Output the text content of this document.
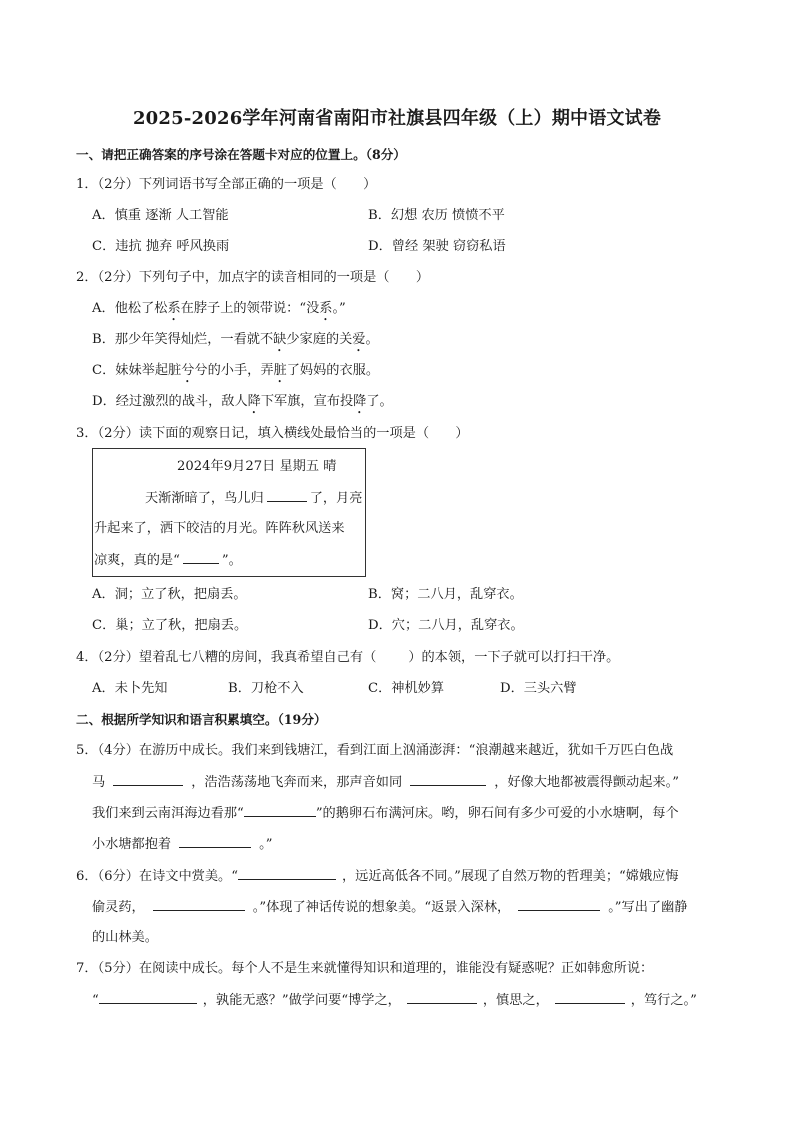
2025-2026学年河南省南阳市社旗县四年级（上）期中语文试卷
一、请把正确答案的序号涂在答题卡对应的位置上。（8分）
1．（2分）下列词语书写全部正确的一项是（　　）
A．慎重 逐渐 人工智能	B．幻想 农历 愤愤不平
C．违抗 抛弃 呼风换雨	D．曾经 架驶 窃窃私语
2．（2分）下列句子中，加点字的读音相同的一项是（　　）
A．他松了松系在脖子上的领带说：“没系。”
B．那少年笑得灿烂，一看就不缺少家庭的关爱。
C．妹妹举起脏兮兮的小手，弄脏了妈妈的衣服。
D．经过激烈的战斗，敌人降下军旗，宣布投降了。
3．（2分）读下面的观察日记，填入横线处最恰当的一项是（　　）
2024年9月27日 星期五 晴
天渐渐暗了，鸟儿归	了，月亮
升起来了，洒下皎洁的月光。阵阵秋风送来
凉爽，真的是“	”。
A．洞；立了秋，把扇丢。	B．窝；二八月，乱穿衣。
C．巢；立了秋，把扇丢。	D．穴；二八月，乱穿衣。
4．（2分）望着乱七八糟的房间，我真希望自己有（ ）的本领，一下子就可以打扫干净。
A．未卜先知	B．刀枪不入	C．神机妙算	D．三头六臂
二、根据所学知识和语言积累填空。（19分）
5．（4分）在游历中成长。我们来到钱塘江，看到江面上汹涌澎湃：“浪潮越来越近，犹如千万匹白色战
马	，浩浩荡荡地飞奔而来，那声音如同	，好像大地都被震得颤动起来。”
我们来到云南洱海边看那“	”的鹅卵石布满河床。哟，卵石间有多少可爱的小水塘啊，每个
小水塘都抱着	。”
6．（6分）在诗文中赏美。“	，远近高低各不同。”展现了自然万物的哲理美；“嫦娥应悔
偷灵药，	。”体现了神话传说的想象美。“返景入深林，	。”写出了幽静
的山林美。
7．（5分）在阅读中成长。每个人不是生来就懂得知识和道理的，谁能没有疑惑呢？正如韩愈所说：
“	，孰能无惑？”做学问要“博学之，	，慎思之，	，笃行之。”
